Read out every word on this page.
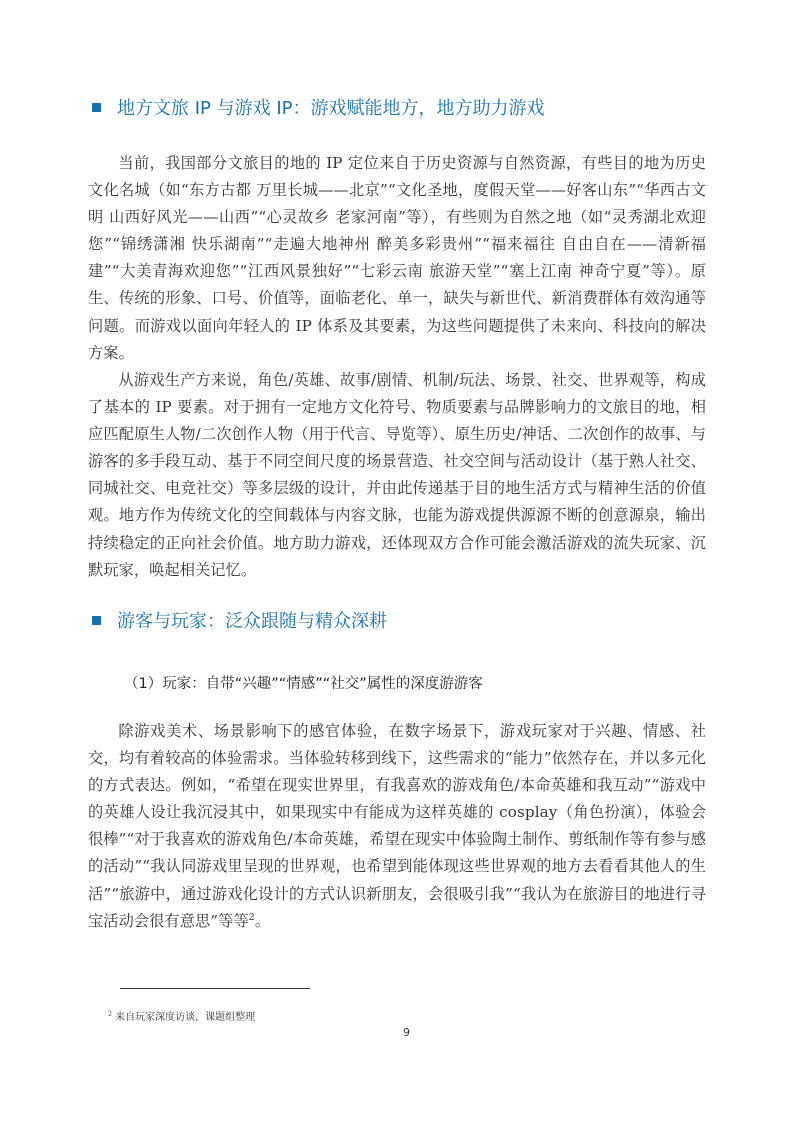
地方文旅 IP 与游戏 IP：游戏赋能地方，地方助力游戏

当前，我国部分文旅目的地的 IP 定位来自于历史资源与自然资源，有些目的地为历史文化名城（如“东方古都 万里长城——北京”“文化圣地，度假天堂——好客山东”“华西古文明 山西好风光——山西”“心灵故乡 老家河南”等），有些则为自然之地（如“灵秀湖北欢迎您”“锦绣潇湘 快乐湖南”“走遍大地神州 醉美多彩贵州”“福来福往 自由自在——清新福建”“大美青海欢迎您”“江西风景独好”“七彩云南 旅游天堂”“塞上江南 神奇宁夏”等）。原生、传统的形象、口号、价值等，面临老化、单一，缺失与新世代、新消费群体有效沟通等问题。而游戏以面向年轻人的 IP 体系及其要素，为这些问题提供了未来向、科技向的解决方案。

从游戏生产方来说，角色/英雄、故事/剧情、机制/玩法、场景、社交、世界观等，构成了基本的 IP 要素。对于拥有一定地方文化符号、物质要素与品牌影响力的文旅目的地，相应匹配原生人物/二次创作人物（用于代言、导览等）、原生历史/神话、二次创作的故事、与游客的多手段互动、基于不同空间尺度的场景营造、社交空间与活动设计（基于熟人社交、同城社交、电竞社交）等多层级的设计，并由此传递基于目的地生活方式与精神生活的价值观。地方作为传统文化的空间载体与内容文脉，也能为游戏提供源源不断的创意源泉，输出持续稳定的正向社会价值。地方助力游戏，还体现双方合作可能会激活游戏的流失玩家、沉默玩家，唤起相关记忆。

游客与玩家：泛众跟随与精众深耕
（1）玩家：自带“兴趣”“情感”“社交”属性的深度游游客

除游戏美术、场景影响下的感官体验，在数字场景下，游戏玩家对于兴趣、情感、社交，均有着较高的体验需求。当体验转移到线下，这些需求的“能力”依然存在，并以多元化的方式表达。例如，“希望在现实世界里，有我喜欢的游戏角色/本命英雄和我互动”“游戏中的英雄人设让我沉浸其中，如果现实中有能成为这样英雄的 cosplay（角色扮演），体验会很棒”“对于我喜欢的游戏角色/本命英雄，希望在现实中体验陶土制作、剪纸制作等有参与感的活动”“我认同游戏里呈现的世界观，也希望到能体现这些世界观的地方去看看其他人的生活”“旅游中，通过游戏化设计的方式认识新朋友，会很吸引我”“我认为在旅游目的地进行寻宝活动会很有意思”等等$^2$。

$^2$ 来自玩家深度访谈，课题组整理
9
